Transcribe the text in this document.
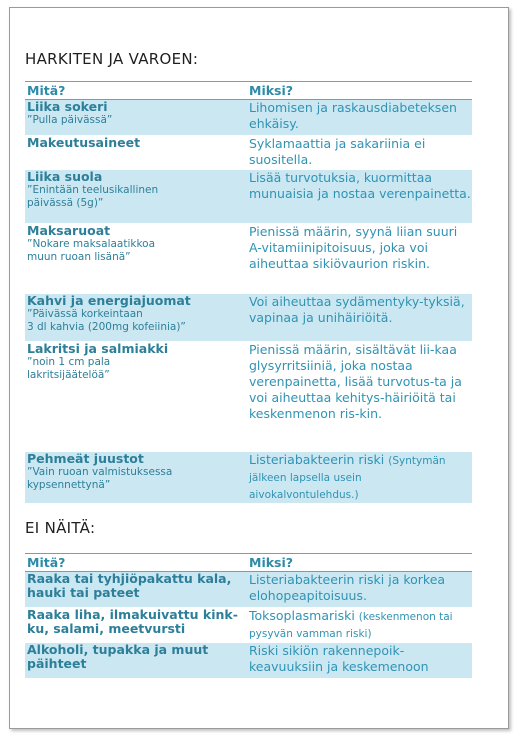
HARKITEN JA VAROEN:
Mitä?	Miksi?

Liika sokeri
”Pulla päivässä”	Lihomisen ja raskausdiabeteksen ehkäisy.

Makeutusaineet	Syklamaattia ja sakariinia ei suositella.

Liika suola
”Enintään teelusikallinen
päivässä (5g)”	Lisää turvotuksia, kuormittaa munuaisia ja nostaa verenpainetta.

Maksaruoat
”Nokare maksalaatikkoa
muun ruoan lisänä”	Pienissä määrin, syynä liian suuri A-vitamiinipitoisuus, joka voi aiheuttaa sikiövaurion riskin.

Kahvi ja energiajuomat
”Päivässä korkeintaan
3 dl kahvia (200mg kofeiinia)”	Voi aiheuttaa sydämentyky-tyksiä, vapinaa ja unihäiriöitä.

Lakritsi ja salmiakki
”noin 1 cm pala
lakritsijäätelöä”	Pienissä määrin, sisältävät lii-kaa glysyrritsiiniä, joka nostaa verenpainetta, lisää turvotus-ta ja voi aiheuttaa kehitys-häiriöitä tai keskenmenon ris-kin.

Pehmeät juustot
”Vain ruoan valmistuksessa
kypsennettynä”	Listeriabakteerin riski (Syntymän jälkeen lapsella usein aivokalvontulehdus.)
EI NÄITÄ:
Mitä?	Miksi?

Raaka tai tyhjiöpakattu kala, hauki tai pateet	Listeriabakteerin riski ja korkea elohopeapitoisuus.

Raaka liha, ilmakuivattu kink-ku, salami, meetvursti	Toksoplasmariski (keskenmenon tai pysyvän vamman riski)

Alkoholi, tupakka ja muut päihteet	Riski sikiön rakennepoik-keavuuksiin ja keskemenoon
